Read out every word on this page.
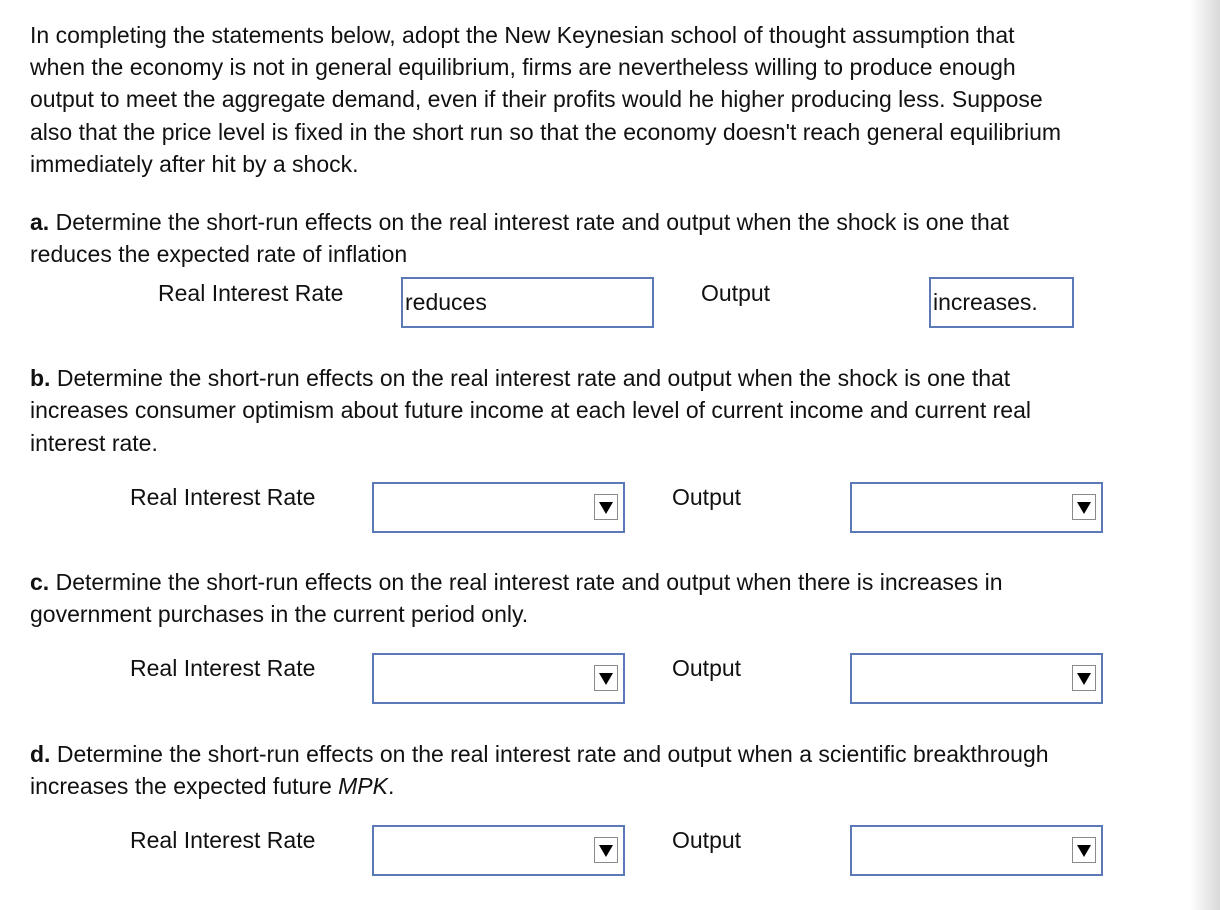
In completing the statements below, adopt the New Keynesian school of thought assumption that
when the economy is not in general equilibrium, firms are nevertheless willing to produce enough
output to meet the aggregate demand, even if their profits would he higher producing less. Suppose
also that the price level is fixed in the short run so that the economy doesn't reach general equilibrium
immediately after hit by a shock.
a. Determine the short-run effects on the real interest rate and output when the shock is one that
reduces the expected rate of inflation
Real Interest Rate	reduces	Output	increases.
b. Determine the short-run effects on the real interest rate and output when the shock is one that
increases consumer optimism about future income at each level of current income and current real
interest rate.
Real Interest Rate	Output
c. Determine the short-run effects on the real interest rate and output when there is increases in
government purchases in the current period only.
Real Interest Rate	Output
d. Determine the short-run effects on the real interest rate and output when a scientific breakthrough
increases the expected future MPK.
Real Interest Rate	Output
